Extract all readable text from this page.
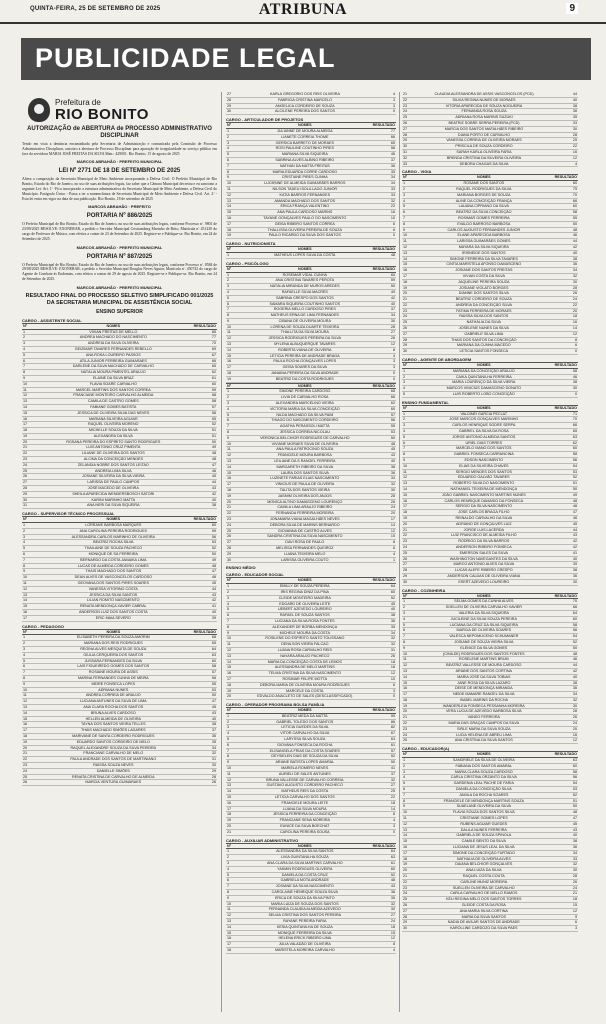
QUINTA-FEIRA, 25 DE SETEMBRO DE 2025	ATRIBUNA	9
PUBLICIDADE LEGAL
Prefeitura de
RIO BONITO
AUTORIZAÇÃO de ABERTURA de PROCESSO ADMINISTRATIVO DISCIPLINAR
Tendo em vista a denúncia encaminhada pela Secretaria de Administração e comunicada pela Comissão de Processo Administrativo Disciplinar, autorizo a abertura de Processo Disciplinar para apuração de irregularidade no serviço público em face da servidora MARIA JOSÉ FREITAS DA SILVA Matr.: 429001. Rio Bonito, 15 de agosto de 2025
MARCOS ABRAHÃO · PREFEITO MUNICIPAL
LEI Nº 2771 DE 18 DE SETEMBRO DE 2025
Altera a composição da Secretaria Municipal de Meio Ambiente incorporando a Defesa Civil. O Prefeito Municipal de Rio Bonito, Estado do Rio de Janeiro, no uso de suas atribuições legais, faz saber que a Câmara Municipal decretou e eu sanciono a seguinte Lei: Art. 1º -Fica incorporado a estrutura administrativa da Secretaria Municipal de Meio Ambiente, a Defesa Civil do Município. Parágrafo Único - Passa a ter a nomenclatura de Secretaria Municipal de Meio Ambiente e Defesa Civil. Art. 2º -Esta lei entra em vigor na data de sua publicação. Rio Bonito, 18 de setembro de 2025
MARCOS ABRAHÃO · PREFEITO
PORTARIA Nº 886/2025
O Prefeito Municipal de Rio Bonito, Estado do Rio de Janeiro, no uso de suas atribuições legais, conforme Processo nº. 9801 de 23/09/2025 RESOLVE: EXONERAR, a pedido o Servidor Municipal Cristiamberg Marinho de Brito, Matrícula nº 451230 do cargo de Professor de Música, com efeitos a contar de 23 de Setembro de 2025. Registre-se e Publique-se. Rio Bonito, em 24 de Setembro de 2025.
MARCOS ABRAHÃO · PREFEITO MUNICIPAL
PORTARIA Nº 887/2025
O Prefeito Municipal de Rio Bonito, Estado do Rio de Janeiro, no uso de suas atribuições legais, conforme Processo nº. 8584 de 29/08/2025 RESOLVE: EXONERAR, a pedido o Servidor Municipal Douglas Neves Aguiar, Matrícula nº. 450742 do cargo de Agente de Combate às Endemias, com efeitos a contar de 29 de agosto de 2025. Registre-se e Publique-se. Rio Bonito, em 24 de Setembro de 2025.
MARCOS ABRAHÃO · PREFEITO MUNICIPAL
RESULTADO FINAL DO PROCESSO SELETIVO SIMPLIFICADO 001/2025 DA SECRETARIA MUNICIPAL DE ASSISTÊNCIA SOCIAL
ENSINO SUPERIOR
CARGO - ASSISTENTE SOCIAL
Nº	NOMES	RESULTADO
1	VIVIAN FREITAS DE MELLO	85
2	ANDREA MACHADO DO NASCIMENTO	77
3	ANDREIA DA SILVA OLIVEIRA	70
4	GEIZIMAR TAVARES FERNANDES REBELLO	69
5	ANA ROSA LOUREIRO PASSOS	67
6	ATILA JUNIOR FERREIRA GUIMARAES	66
7	DARLENE DA SILVA MACHADO DE CARVALHO	65
8	NATÁLIA MOURA PIMENTEL ARAÚJO	62
9	ELAINE DA SILVA BRAZ	61
10	FLAVIA SOARE CARVALHO	60
11	MARCEL MARTINS DOS SANTOS CORREA	59
12	FRANCIANE MONTEIRO CARVALHO ALMEIDA	58
13	CAMILA DE CASTRO GOMES	58
14	FABIANE GOMES BATISTA	57
15	JESSICA DE OLIVEIRA SILVA DAS NEVES	56
16	MARIANA SILVEIRA AGUIAR	55
17	RAQUEL OLIVEIRA MORENO	52
18	MICHELLE SOUZA DA SILVA	51
19	ALEXANDRA DA SILVA	51
20	ROSANA PEREIRA DO ESPÍRITO SANTO RODRIGUES	50
21	LUIS ANTONIO CRUZ PIMENTA	49
22	LILIANE DE OLIVEIRA DOS SANTOS	48
23	ALCINA DA CONCEIÇÃO MENDES	48
24	ZELANDIA NOBRE DOS SANTOS LEITAO	47
25	ANDREIA LIMA SILVA	46
26	JOSIANE SILVEIRA DA SILVA VIEIRA	45
27	LARISSA DE PAULO CAMPOS	44
28	JOSÉ MACEDO DE OLIVEIRA	43
29	SHEILA APARECIDA WENDERSBOSCH SATORI	42
30	KARINI MARINHO MATTA	40
31	ANA NERI DA SILVA SIQUEIRA	38
CARGO - SUPERVISOR TÉCNICO PROCESSUAL
Nº	NOMES	RESULTADO
1	LORRANE BARBOSA MARQUES	60
2	ANA CAROLINA PEREIRA RODRIGUES	59
3	ALESSANDRA CARLOS MARINHO DE OLIVEIRA	56
4	BEATRIZ ROCHA SILVA	53
5	THAILAINE DE SOUZA PACHECO	52
6	MONIQUE DE SÁ FERREIRA	50
7	BERNARDO DA COSTA JAMAIKA LIMA	49
8	LUCAS DE ALMEIDA CORDEIRO GOMES	48
9	THAIS MACHADO DOS SANTOS	47
10	DEAN ALVES DE VASCONCELOS CARDOSO	46
11	GEOVANA DOS SANTOS PIRES SOARES	45
12	VANESSA VITORINO COSTA	44
13	JESSICA DA SILVA SANTOS	43
14	LILIAN ROMITO NASCIMENTO	42
15	RENATA MENDONÇA XAVIER CABRAL	41
16	ANDERSON LUIZ DOS SANTOS COSTA	40
17	ERIC MAIA SEVERO	39
CARGO - PEDAGOGO
Nº	NOMES	RESULTADO
1	ELISABETH PEREIRA DA SOUZA AMORIM	68
2	MARIANA DOS REIS RODRIGUES	65
3	REGINA ALVES MESQUITA DE SOUZA	64
4	GIULIA CERQUEIRA DOS SANTOS	63
5	JUSSARA FERNANDES DA SILVA	60
6	LAIS FIGUEIREDO GOMES DOS SANTOS	58
7	ROSIANE MOURA DE ASSIS	57
8	MARINA FERNANDES CUNHA DE MEIRA	56
9	MEIRE FONSECA LOPES	55
10	ADRIANA NUNES	53
11	ANDREA CORREIA DE ARAUJO	50
12	LUCIANA ANTUNES DA SILVA DE LIMA	47
13	ANA CLARA ROCHA DOS SANTOS	45
14	BRUNA ALVES CARDOSO	43
15	HELLEN ALMEIDA DE OLIVEIRA	40
16	TAYNÁ DOS SANTOS VIEIRA TELLES	38
17	THAIS MACHADO SIMÕES LAGARES	37
18	MARIVANE DE SANTA CORDEIRO RODRIGUES	36
19	EDUARDO SANTOS CORDEIRO DE MELO	35
20	RAQUEL ALEXANDRE SOUZA DA SILVA PEREIRA	34
21	FRANCIANE CARVALHO DE MELO	32
22	PAULA ANDRADE DOS SANTOS DE MARTINIANO	31
23	RAISSA SOUZA NEVES	30
24	DANIELLE SIMÕES	29
25	RENATA CRISTINA DE CARVALHO DE ALMEIDA	28
26	MARCIA VENTURA GUIMARAES	26
27	KARLA GREGORIO DOS REIS OLIVEIRA	4
28	FABRICIA CRISTINA MARCELO	3
29	ANGELICA CORDEIRO DE SOUZA	3
30	ALCILENE PEREIRA DOS SANTOS	0
CARGO - ARTICULADOR DE PROJETOS
Nº	NOMES	RESULTADO
1	JULIANNE DE MOURA ALMEIDA	77
2	LIANETE CORREIA THOME	66
3	GERSICA BARRETO DE MORAES	65
4	ROSI PAULINE COUTINHO PIRES	58
5	MARIANA SILVA SIQUEIRA	46
6	SABRINA ALVES ALBINO RIBEIRO	37
7	NATHAN DA MATTA FREITAS	36
8	MARIA EDUARDA CORRE CARDOSO	35
9	CRISTIANE PIRES CUNHA	34
10	LUCIENNE DE ALMEIDA GUIMARÃES BARROS	34
11	NILSON TADEU ISOLA LAGO JUNIOR	33
12	KATIA BARROS FERNANDES	33
13	AMANDA MACHADO DOS SANTOS	32
14	ÉRICA FRANÇA VALENTINO	22
15	ANA PAULA CARDOSO MARINS	16
16	TAYANE GONÇALVES PAULO DO NASCIMENTO	10
17	GEISA RIBEIRO SANTOS CORREA	6
18	THALLISSA OLIVEIRA PEREIRA DE SOUZA	6
19	PAULO RICARDO DA SILVA DOS SANTOS	0
CARGO - NUTRICIONISTA
Nº	NOMES	RESULTADO
1	MATHEUS LOPES SILVA DA COSTA	48
CARGO - PSICÓLOGO
Nº	NOMES	RESULTADO
1	ROSEMAR VIDAL CUNHA	60
2	ANA CRISTINA TAVARES PEROTA	59
3	NATÁLIA MIRANDA DE MUROS AREDES	50
4	RAFAELLE SILVA MACRÊS	49
5	SABRINA CRESPO DOS SANTOS	42
6	SAMARA SIQUEIRA COUTINHO SANTOS	40
7	ROGERIA MELLO CARDOSO PIRES	37
8	MATHEUS ERNA DE LIMA FERNANDES	34
9	CIBANA DE OLIVEIRA MOURA	30
10	LORENA DE SOUZA DUARTE TEIXEIRA	28
11	THALLITA DA SILVA MOURA	27
12	JESSICA RODRIGUES PEREIRA DA SILVA	26
13	MYLENA ALBUQUERQUE TAVARES	12
14	ROBERTA VIANA DE OLIVEIRA	8
15	LETICIA PEREIRA DE ANDRADE BRAGA	4
16	PAULA ROCHA GONÇALVES LOPES	3
17	GEISA SOARES DA SILVA	3
18	JANAINA PEREIRA DA SILVA ANDRADE	0
19	BEATRIZ DA COSTA RODRIGUES	0
Nº	NOMES	RESULTADO
1	SIMONE PEREIRA CARDOSO	68
2	LIVIA DE CARVALHO ROSA	66
3	ALEXANDRA MARCELINO VIEIRA	62
4	VICTORIA MARIA DA SILVA CONCEIÇÃO	60
5	NILDA MACHADO DA SILVA PAIM	57
6	THIAGO DO NASCIMENTO CORDEIRO	56
7	AGATHA PERASSOLI MATTA	55
8	JESSICA CORREIA NICOLAU	53
9	VERONICA BELCHIOR RODRIGUES DE CARVALHO	50
10	VIVIANE MORAES SILVA DE OLIVEIRA	48
11	ANA PAULA PATROCINIO SOUZA	45
12	FRANCIELE MOURA BARBOSA	43
13	LEILIANE DA S RANGEL FERREIRA	40
14	MARGARETH RIBEIRO DA SILVA	38
15	LAURA DOS SANTOS SILVA	36
16	LUZINETE FARIAS ELIAS NASCIMENTO	34
17	VINICIUS DE PAULA DE OLIVEIRA	32
18	TALITA DOS SANTOS VIEIRA	30
19	JASMIM OLIVEIRA DOS ANJOS	28
20	MONICA ALTINO DAMASCENO LOURENÇO	26
21	CAMILA LIMA ARAUJO RIBEIRO	24
22	FERNANDA FERREIRA MOREIRA	20
23	JONAMARA VIANA MAGALHÃES NEVES	17
24	DEBORA SILVA DE MARINS BERNARDO	14
25	GIOVANNA DE CASTRO ALVES	12
26	SANDRA CRISTINA DA SILVA NASCIMENTO	10
27	DAVI ROSA DE PAULO	8
28	MELISSA FERNANDES QUEIROZ	6
29	LUANA TEIXEIRA MELO	4
30	LARISSA OLIVEIRA COUTO	1
ENSINO MÉDIO
CARGO - EDUCADOR SOCIAL
Nº	NOMES	RESULTADO
1	EMILLY DE SOUZA PEREIRA	64
2	IRIS REGINA DINIZ DA PINA	60
3	CLEIDE MONTEIRO MADEIRA	52
4	EDGARD DE OLIVEIRA LEITE	45
5	UEBERT AZEVEDO LOUREIRO	40
6	RAFAEL DE SOUZA SANTOS	38
7	LUCIANA DA SILVA ROSA FONTES	36
8	ALEXANDER DE BORBA MENDONÇA	35
9	MICHELE MOURA DA COSTA	34
10	ROSILENE DO ESPIRITO SANTO TOLISSANO	32
11	DENILSON VIEIRA FALCAO	32
12	LUANA ROSA CARVALHO REIS	31
13	NAYARA ARAUJO PACHECO	26
14	MARIA DA CONCEIÇÃO COSTA DE LEMOS	18
15	ALESSANDRA DE MELO MARTINS	16
16	TELMA CRISTINA DA SILVA NASCIMENTO	12
17	ROSIMAR FELIPE MOTTA	10
18	DEBORA MARIA DE OLIVEIRA MOURA RODRIGUES	6
19	MARCELE DA COSTA	3
20	EDVALDO ANACLETO DE SALES (DESCLASSIFICADO)	0
CARGO - OPERADOR PROGRAMA BOLSA FAMÍLIA
Nº	NOMES	RESULTADO
1	BEATRIZ MEDA DA MATTA	90
2	GABRIEL TOLEDO DOS SANTOS	86
3	LETICIA GUEDES DA SILVA	82
4	VITOR CARVALHO DA SILVA	67
5	LARYSSA SILVA SOUZA	63
6	GIOVANA FONSECA DA ROCHA	61
7	ELISANGELA FRIAS DA COSTA SOARES	57
8	DEYSIELEN DIAS DE SOUZA DA SILVA	52
9	ARIANE BATISTA LOPES AMARAL	50
10	MARIELA ROMERO NEVES	41
11	AURIELI DE SALES ANTUNES	37
12	BRUNA VALLESSE DE CARVALHO CORREIA	32
13	GUSTAVO AUGUSTO CORDEIRO PACHECO	27
14	MATHEUS REIS DA COSTA	25
15	LETICIA CARVALHO DOS SANTOS	22
16	FRANCIELE MOURA LEITE	18
17	LUANA DA SILVA MOURA	14
18	JESSICA FERREIRA DA CONCEIÇÃO	8
19	FRANCIANE SENA MOREIRA	4
20	EUNICE DA SILVA BOECHAT	3
21	CAROLINA PEREIRA SOUSA	0
CARGO - AUXILIAR ADMINISTRATIVO
Nº	NOMES	RESULTADO
1	ALESSANDRA DA SILVA SANTOS	64
2	LIVIA GUINTANILHA SOUZA	63
3	ANA CLARA DA SILVA MARTINS CARVALHO	61
4	YASMIN RODRIGUES OLIVEIRA	60
5	DANIELA DA COSTA CRUZ	52
6	GABRIELA MOTA ANDRADE	48
7	JOSIANE DA SILVA NASCIMENTO	43
8	CAROLAINE HENRIQUE SOUZA SILVA	38
9	ERICA DE SOUZA DA SILVA PINTO	35
10	MARIA LUIZA DE SOUZA DOS SANTOS	32
11	FERNANDA CLAUDIA ALMEIDA AZEVEDO	30
12	SELMA CRISTINA DOS SANTOS PEREIRA	27
13	RAYANE PEREIRA FARIA	24
14	KESIA QUINTANILHA DE SOUZA	18
15	MONIQUE FERREIRA DA SILVA	15
16	HELENA ERICK RIBEIRO LIMA	12
17	JULIA VALADÃO DE OLIVEIRA	8
18	MARISTELA MOREIRA CARVALHO	4
21	CLAUDIA ALESSANDRA DE ASSIS VASCONCELOS (PCD)	44
22	SILVIA REGINA NUNES DE MORAES	40
23	VITÓRIA APARECIDA DE SOUZA NOGUEIRA	38
24	FERNANDA ROSA SOUZA	36
25	ADRIANA ROSA MARINS SUZUKI	35
26	BEATRIZ SOBRE SERRA PEREIRA (PCD)	33
27	MARCIA DOS SANTOS MAFALHÃES RIBEIRO	30
28	DIANA PORTO DE CARVALHO	28
29	VANESSA CORREIA DE OLIVEIRA MORAES	25
30	PRISCILA DE SOUZA CORDEIRO	22
31	SARAH KARLA OLIVEIRA FARIA	16
32	BRENDA CRISTINA DA SILVEIRA OLIVEIRA	12
33	DEBORA CHAGAS DA SILVA	4
CARGO - VIGIA
Nº	NOMES	RESULTADO
1	ROSANE DOS SANTOS	80
2	RAQUEL RODRIGUES DA SILVA	75
3	MARIANA BORGES DE SOUZA	70
4	ALINE DA CONCEIÇÃO FRANÇA	66
5	LAUANA CIPRIANO DA SILVA	60
6	BEATRIZ DA SILVA CONCEIÇÃO	58
7	ROSIMAR GOMES FERREIRA	55
8	EVALDO BARROSO BARBOSA	50
9	CARLOS AUGUSTO FERNANDES JUNIOR	48
10	ELANE APARECIDA BARBOSA	46
11	LARISSA GUIMARÃES GOMES	44
12	MAYARA DA SILVA SIQUEIRA	42
13	IRISNEIDE DOS SANTOS	40
14	SIMONE FERREIRA DA SILVA TAVARES	38
15	CINTIA MARISTELA AFONSO DAMASCENO	36
16	JOSIANE DOS SANTOS FREITAS	34
17	VIVIAN COSTA DA SILVA	32
18	JAQUELINE PEREIRA SOUZA	30
19	JOSIANE VIOLATO BORGES	28
20	DIANNE DOS SANTOS SILVA	26
21	BEATRIZ CORDEIRO DE SOUZA	24
22	ANDREIA DA CONCEIÇÃO SILVA	22
23	FATIMA FERREIRA DE MORAES	20
24	RAISSA SILVA DOS SANTOS	18
25	NATHÁLIA DA SILVA	16
26	JOSELENE NUNES DA SILVA	14
27	GABRIELE SILVA LIMA	12
28	THAIS DOS SANTOS DA CONCEIÇÃO	8
29	MARIANA DA CUNHA MACEDO	6
30	LETICIA SANTOS FONSECA	0
CARGO - AGENTE DE ABORDAGEM
Nº	NOMES	RESULTADO
1	MARIANA DA CONCEIÇÃO ARAUJO	58
2	CAIKA QUINTANILHA FERREIRA	46
3	MARIA LOURENÇO DA SILVA VIEIRA	38
4	MARCOS VINICIUS DAMASCENO DONATO	30
5	LUIS ROBERTO LOBO CONCEIÇÃO	0
ENSINO FUNDAMENTAL
Nº	NOMES	RESULTADO
1	VALDINEI GARCIA PECLAT	71
2	JOSÉ MARCOS GONÇALVES MARINHO	70
3	CARLOS HENRIQUE SODRE SERPA	66
4	GABRIEL DA SILVA DA ROSA	65
5	JORGE ANTONIO ALMEIDA SANTOS	63
6	URIEL DIAS TORRES	62
7	MARCELO MANO DOS SANTOS	60
8	GABRIEL FONSECA CARRANCINA	58
9	EDSON NASCIMENTO	56
10	ELIAS DA SILVEIRA CHAVES	54
11	SERGIO MENDES DOS SANTOS	53
12	EDUARDO GALVÃO TAVARES	52
13	ROBERTO SILVA DO NASCIMENTO	51
14	NATHANIEL TEIXEIRA DE MENDONÇA	50
15	JOÃO GABRIEL NASCIMENTO MARTINS NUNES	49
16	CARLOS HENRIQUE DAMASIO DA FONSECA	48
17	SERGIO DA SILVA NASCIMENTO	48
18	JOSE CARLOS BRAGA FILHO	47
19	REINALDO CARVALHO DA SILVA	46
20	ADRIANO DE GONÇALVES LUIZ	45
21	JORGE LUIS LACERDA	44
22	LUIZ FRANCISCO DE ALMEIDA FILHO	43
23	RODRIGO DA SILVA BARROS	42
24	ANDERSON RIBEIRO FONSECA	42
25	EMERSON SALES DA SILVA	41
26	WASHINGTON NAVEGANTES DA SILVA	40
27	MARCO ANTONIO ALVES DA SILVA	39
28	LUCAS ALEFE RIBEIRO CRESPO	38
29	ANDERSON CALDAS DE OLIVEIRA VIANA	36
30	ESERT AZEVEDO LOUREIRO	30
CARGO - COZINHEIRA
Nº	NOMES	RESULTADO
1	SELMA GOMES DA CUNHA ALVES	70
2	SOELLEN DE OLIVEIRA CARVALHO XAVIER	66
3	VALERIA DA SILVA SIQUEIRA	64
4	JUCILEINE DA SILVA SOUZA PEREIRA	60
5	LUCIANA DA CRUZ DA SILVA SIQUEIRA	58
6	MARCIA DE OLIVEIRA SOARES	56
7	VALESCA NEPOMUCENO SCHUMANER	54
8	JOSIANE DE SOUZA VIEIRA SILVA	52
9	ELENICE DA SILVA GOMES	50
10	(CINILDE) RODRIGUES DOS SANTOS FONTES	48
11	ROSELENE MARTINS BRUM	46
12	BEATRIZ VALLESSE DE MOURA CARDOSO	44
13	ARIANE DOS SANTOS CORTINA	42
14	MARIA JOSÉ DA SILVA TOBIAS	40
15	JANE ROSA DA SILVA LAZARO	38
16	DEISE DE MENDONÇA MIRANDA	36
17	NEIDE MAMARE RANGEL DA SILVA	34
18	ISABEL MARINS DA ROCHA	32
19	WANDERLEIA FONSECA PESSANHA MOREIRA	30
20	VERA LUCIA DE AZEVEDO BARBOSA SILVA	28
21	VANEO FERREIRA	26
22	MARIA DAS GRAÇAS CAMPOS DA SILVA	24
23	SIRLE MARIA DA SILVA SOUZA	20
24	LUCIA HELENA DE ABREU LIMA	16
25	ANA CRISTINA DA SILVA SANTOS	12
CARGO - EDUCADOR(A)
Nº	NOMES	RESULTADO
1	SANDRIELE DA SILVA DE OLIVEIRA	63
2	FABIANA DOS SANTOS AMARAL	60
3	MARIA CLARA SOUZA CARDOSO	58
4	CARLA CRISTINA ORZANTO DA SILVA	56
5	GARDENIA LEAL PACHE DE FARIA	54
6	DANIELA DA CONCEIÇÃO SILVA	53
7	JAMILA DA ROCHA SOARES	52
8	FRANCIELE DE MENDONÇA MARTINS SOUZA	51
9	SUAELANE OLIVEIRA DA SILVA	50
10	FLAVIA SOUZA DOS SANTOS SILVA	48
11	CRISTIANE GOMES LOPES	47
12	RUBENS AGUIAR GUEDES	45
13	DALILA NUNES FERREIRA	43
14	GABRIELA DE SOUZA SPINOLA	40
15	CAMILE BENTO DA SILVA	38
16	LUCIANA DE JESUS LEAL DA SILVA	36
17	SIMONE DA CONCEIÇÃO FURTADO	34
18	NATHALIA DE OLIVEIRA ALVES	33
19	DAIANA BELCHIOR GONÇALVES	32
20	ANA LUIZA DA SILVA	30
21	RAQUEL COSTA COUTA	28
22	CARLINE MUNIZ MOREIRA	26
23	SUELLEN OLIVEIRA DE CARVALHO	24
24	CARLA CARVALHO DE MELLO RAMOS	21
25	KEU REGINA MELO DOS SANTOS TORRES	18
26	GLEIDE COSTA DA ROSA	15
27	ANA MARIA SILVA CORTINA	12
28	MARIA DA SILVA SANTOS	9
29	NADIA DE AVILAR SANTOS DE ANDRADE	6
30	KAROLLINE CARDOZO DA SILVA PAES	3
